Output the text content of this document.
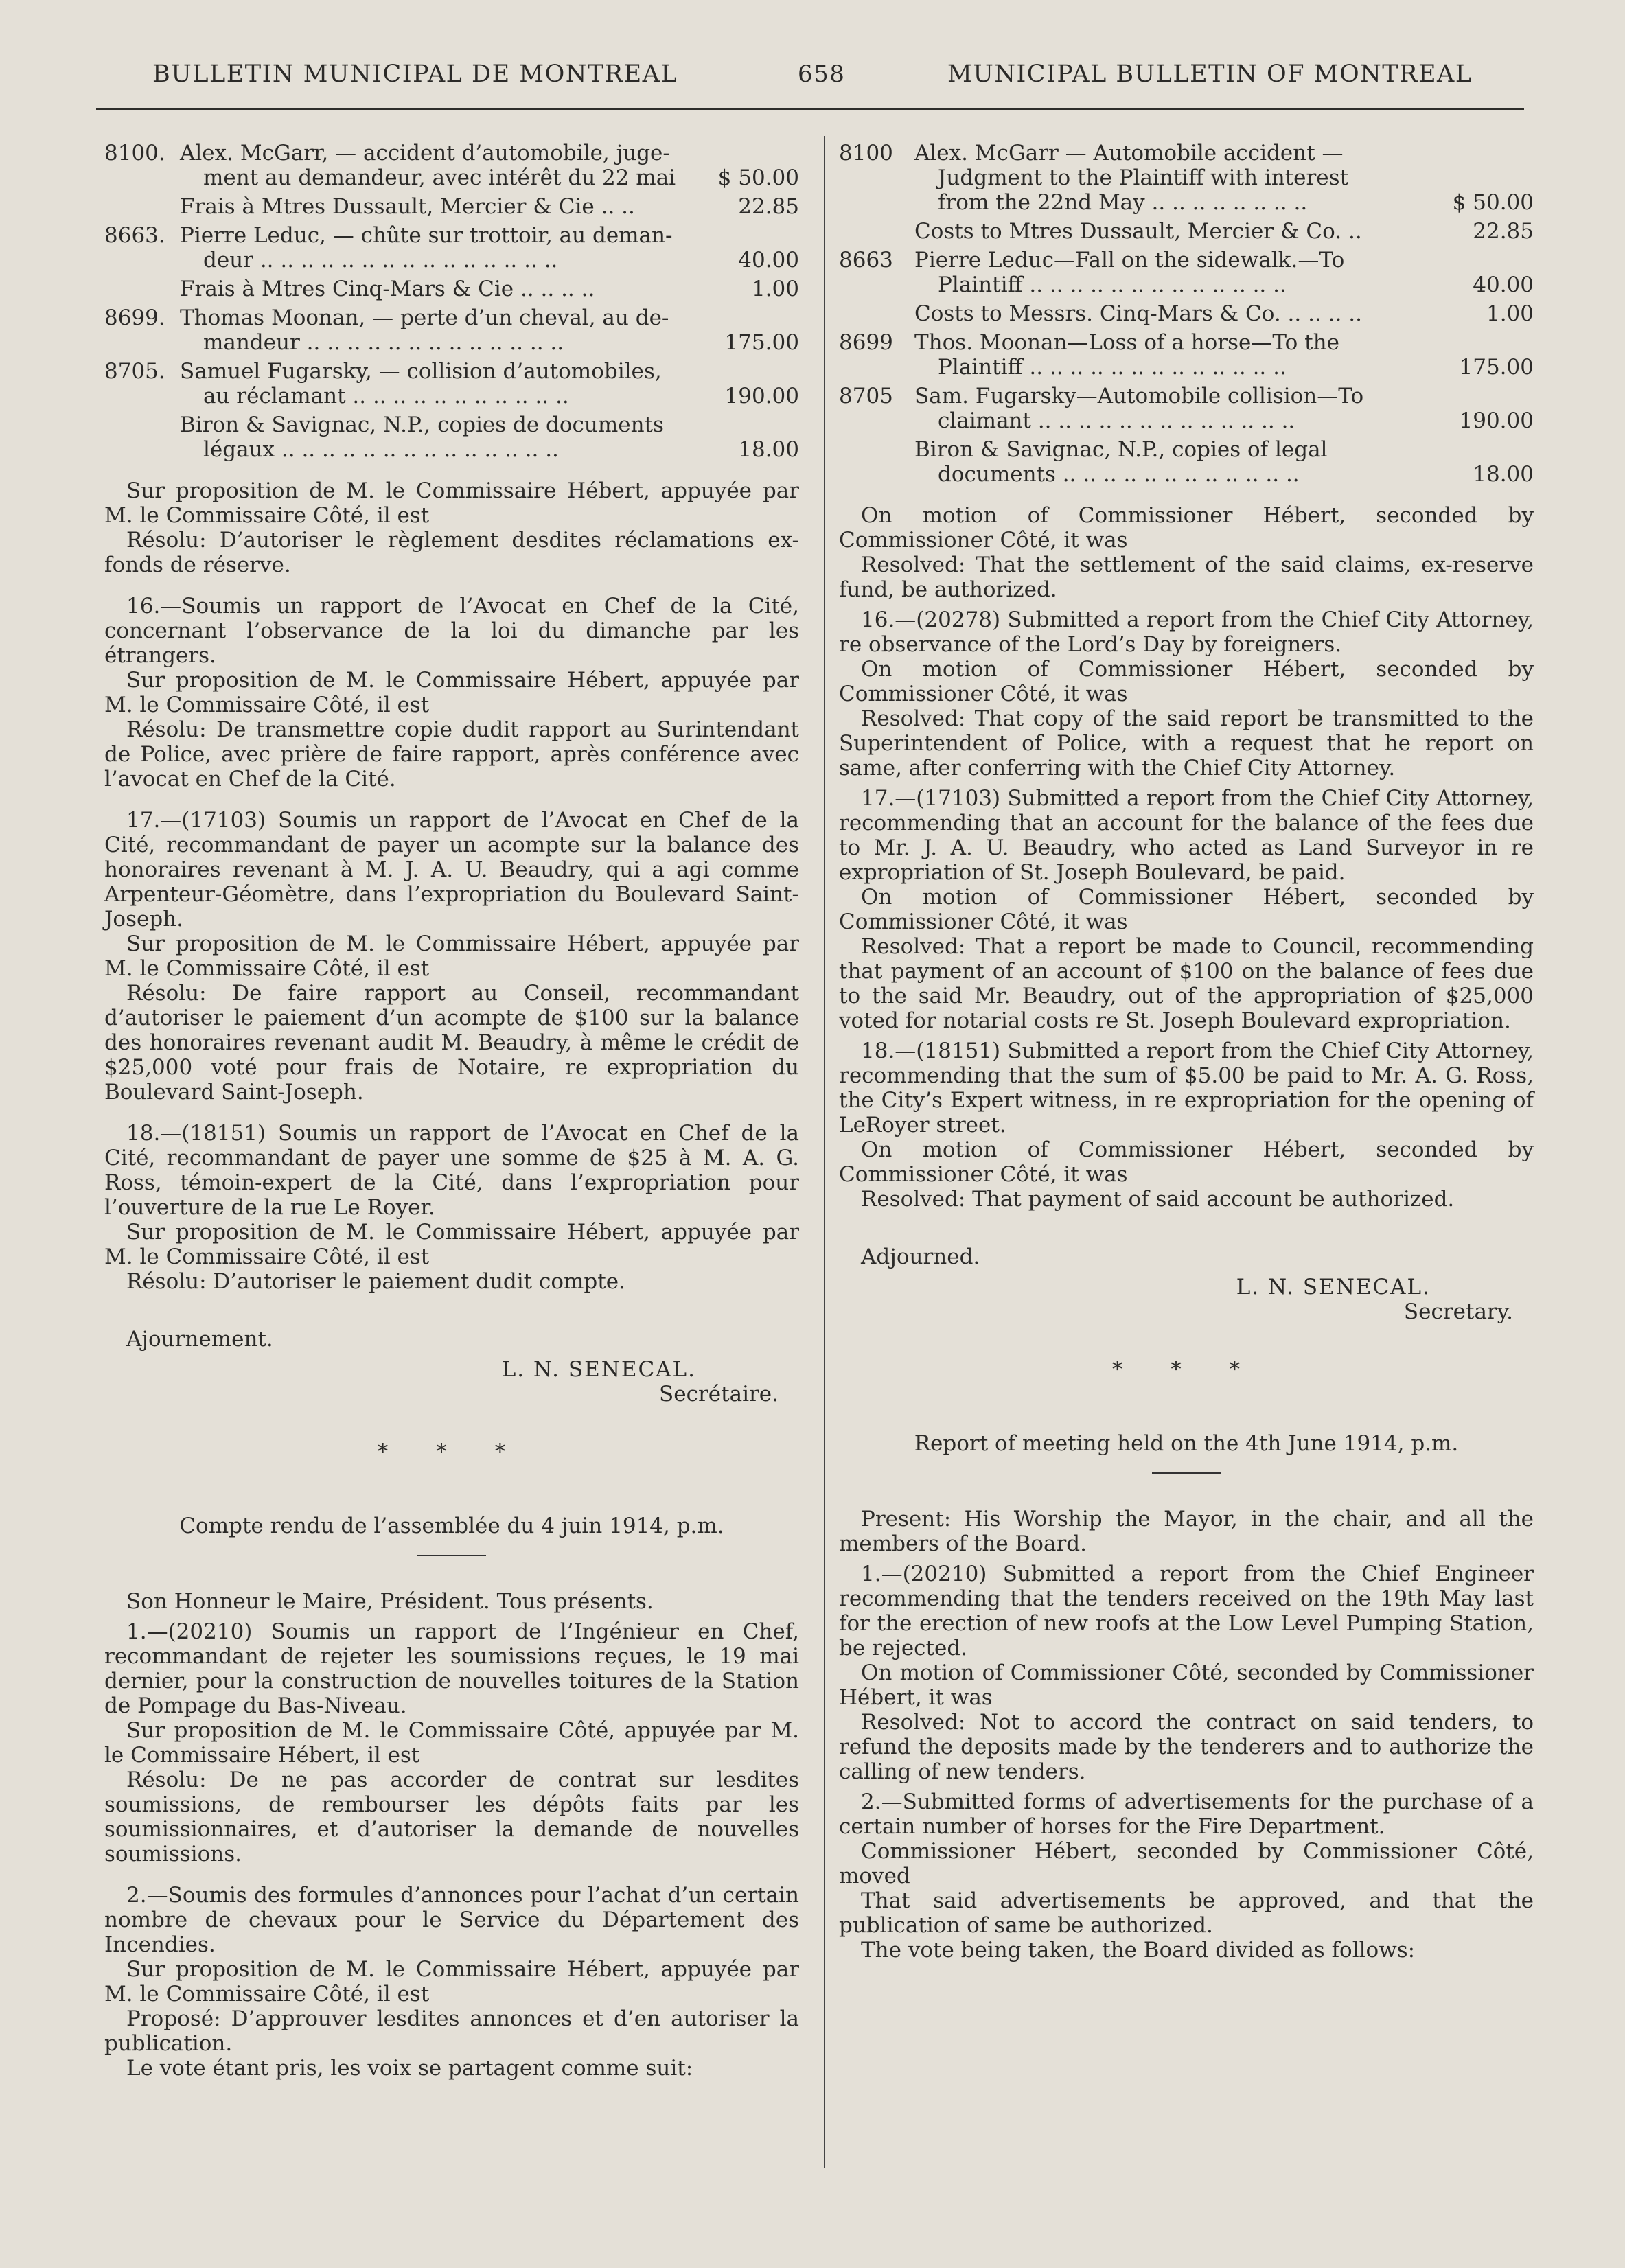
BULLETIN MUNICIPAL DE MONTREAL	658	MUNICIPAL BULLETIN OF MONTREAL
8100. Alex. McGarr, — accident d’automobile, juge-
ment au demandeur, avec intérêt du 22 mai	$ 50.00
Frais à Mtres Dussault, Mercier & Cie .. ..	22.85
8663. Pierre Leduc, — chûte sur trottoir, au deman-
deur .. .. .. .. .. .. .. .. .. .. .. .. .. .. ..	40.00
Frais à Mtres Cinq-Mars & Cie .. .. .. ..	1.00
8699. Thomas Moonan, — perte d’un cheval, au de-
mandeur .. .. .. .. .. .. .. .. .. .. .. .. ..	175.00
8705. Samuel Fugarsky, — collision d’automobiles,
au réclamant .. .. .. .. .. .. .. .. .. .. ..	190.00
Biron & Savignac, N.P., copies de documents
légaux .. .. .. .. .. .. .. .. .. .. .. .. .. ..	18.00

Sur proposition de M. le Commissaire Hébert, appuyée par M. le Commissaire Côté, il est

Résolu: D’autoriser le règlement desdites réclamations ex-fonds de réserve.

16.—Soumis un rapport de l’Avocat en Chef de la Cité, concernant l’observance de la loi du dimanche par les étrangers.

Sur proposition de M. le Commissaire Hébert, appuyée par M. le Commissaire Côté, il est

Résolu: De transmettre copie dudit rapport au Surintendant de Police, avec prière de faire rapport, après conférence avec l’avocat en Chef de la Cité.

17.—(17103) Soumis un rapport de l’Avocat en Chef de la Cité, recommandant de payer un acompte sur la balance des honoraires revenant à M. J. A. U. Beaudry, qui a agi comme Arpenteur-Géomètre, dans l’expropriation du Boulevard Saint-Joseph.

Sur proposition de M. le Commissaire Hébert, appuyée par M. le Commissaire Côté, il est

Résolu: De faire rapport au Conseil, recommandant d’autoriser le paiement d’un acompte de $100 sur la balance des honoraires revenant audit M. Beaudry, à même le crédit de $25,000 voté pour frais de Notaire, re expropriation du Boulevard Saint-Joseph.

18.—(18151) Soumis un rapport de l’Avocat en Chef de la Cité, recommandant de payer une somme de $25 à M. A. G. Ross, témoin-expert de la Cité, dans l’expropriation pour l’ouverture de la rue Le Royer.

Sur proposition de M. le Commissaire Hébert, appuyée par M. le Commissaire Côté, il est

Résolu: D’autoriser le paiement dudit compte.

Ajournement.

L. N. SENECAL.
Secrétaire.
* * *
Compte rendu de l’assemblée du 4 juin 1914, p.m.

Son Honneur le Maire, Président. Tous présents.

1.—(20210) Soumis un rapport de l’Ingénieur en Chef, recommandant de rejeter les soumissions reçues, le 19 mai dernier, pour la construction de nouvelles toitures de la Station de Pompage du Bas-Niveau.

Sur proposition de M. le Commissaire Côté, appuyée par M. le Commissaire Hébert, il est

Résolu: De ne pas accorder de contrat sur lesdites soumissions, de rembourser les dépôts faits par les soumissionnaires, et d’autoriser la demande de nouvelles soumissions.

2.—Soumis des formules d’annonces pour l’achat d’un certain nombre de chevaux pour le Service du Département des Incendies.

Sur proposition de M. le Commissaire Hébert, appuyée par M. le Commissaire Côté, il est

Proposé: D’approuver lesdites annonces et d’en autoriser la publication.

Le vote étant pris, les voix se partagent comme suit:

8100 Alex. McGarr — Automobile accident —
Judgment to the Plaintiff with interest
from the 22nd May .. .. .. .. .. .. .. ..	$ 50.00
Costs to Mtres Dussault, Mercier & Co. ..	22.85
8663 Pierre Leduc—Fall on the sidewalk.—To
Plaintiff .. .. .. .. .. .. .. .. .. .. .. .. ..	40.00
Costs to Messrs. Cinq-Mars & Co. .. .. .. ..	1.00
8699 Thos. Moonan—Loss of a horse—To the
Plaintiff .. .. .. .. .. .. .. .. .. .. .. .. ..	175.00
8705 Sam. Fugarsky—Automobile collision—To
claimant .. .. .. .. .. .. .. .. .. .. .. .. ..	190.00
Biron & Savignac, N.P., copies of legal
documents .. .. .. .. .. .. .. .. .. .. .. ..	18.00

On motion of Commissioner Hébert, seconded by Commissioner Côté, it was

Resolved: That the settlement of the said claims, ex-reserve fund, be authorized.

16.—(20278) Submitted a report from the Chief City Attorney, re observance of the Lord’s Day by foreigners.

On motion of Commissioner Hébert, seconded by Commissioner Côté, it was

Resolved: That copy of the said report be transmitted to the Superintendent of Police, with a request that he report on same, after conferring with the Chief City Attorney.

17.—(17103) Submitted a report from the Chief City Attorney, recommending that an account for the balance of the fees due to Mr. J. A. U. Beaudry, who acted as Land Surveyor in re expropriation of St. Joseph Boulevard, be paid.

On motion of Commissioner Hébert, seconded by Commissioner Côté, it was

Resolved: That a report be made to Council, recommending that payment of an account of $100 on the balance of fees due to the said Mr. Beaudry, out of the appropriation of $25,000 voted for notarial costs re St. Joseph Boulevard expropriation.

18.—(18151) Submitted a report from the Chief City Attorney, recommending that the sum of $5.00 be paid to Mr. A. G. Ross, the City’s Expert witness, in re expropriation for the opening of LeRoyer street.

On motion of Commissioner Hébert, seconded by Commissioner Côté, it was

Resolved: That payment of said account be authorized.

Adjourned.

L. N. SENECAL.
Secretary.
* * *
Report of meeting held on the 4th June 1914, p.m.

Present: His Worship the Mayor, in the chair, and all the members of the Board.

1.—(20210) Submitted a report from the Chief Engineer recommending that the tenders received on the 19th May last for the erection of new roofs at the Low Level Pumping Station, be rejected.

On motion of Commissioner Côté, seconded by Commissioner Hébert, it was

Resolved: Not to accord the contract on said tenders, to refund the deposits made by the tenderers and to authorize the calling of new tenders.

2.—Submitted forms of advertisements for the purchase of a certain number of horses for the Fire Department.

Commissioner Hébert, seconded by Commissioner Côté, moved

That said advertisements be approved, and that the publication of same be authorized.

The vote being taken, the Board divided as follows:
